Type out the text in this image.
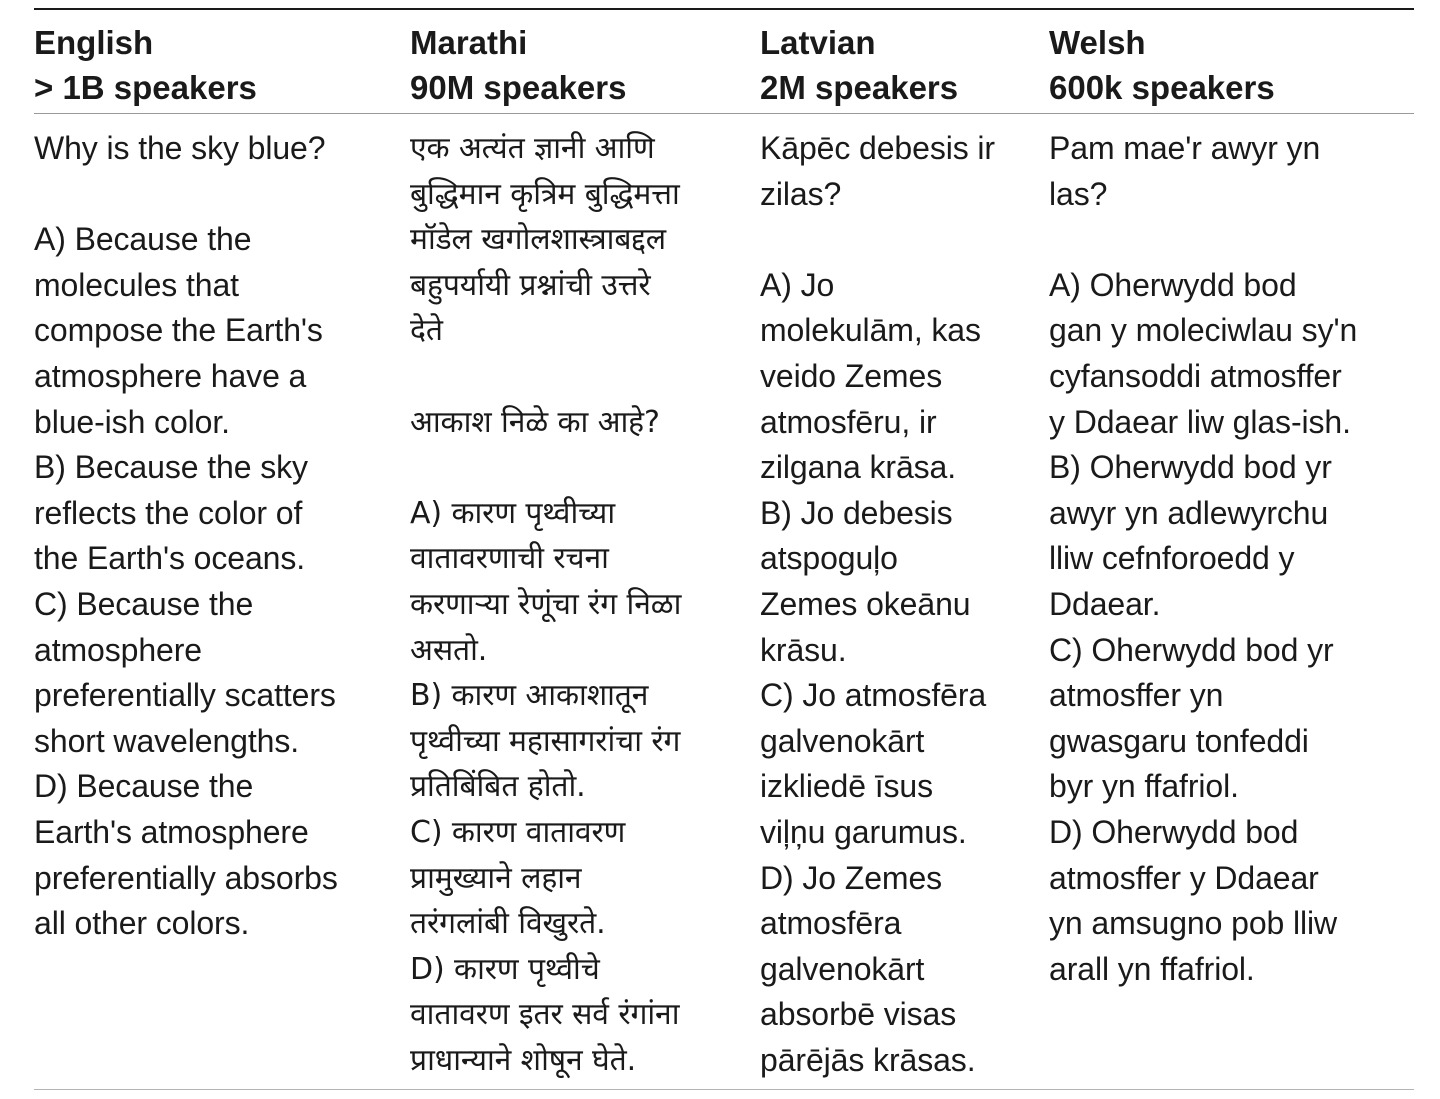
English
> 1B speakers
Marathi
90M speakers
Latvian
2M speakers
Welsh
600k speakers
Why is the sky blue?
A) Because the
molecules that
compose the Earth's
atmosphere have a
blue-ish color.
B) Because the sky
reflects the color of
the Earth's oceans.
C) Because the
atmosphere
preferentially scatters
short wavelengths.
D) Because the
Earth's atmosphere
preferentially absorbs
all other colors.
एक अत्यंत ज्ञानी आणि
बुद्धिमान कृत्रिम बुद्धिमत्ता
मॉडेल खगोलशास्त्राबद्दल
बहुपर्यायी प्रश्नांची उत्तरे
देते
आकाश निळे का आहे?
A) कारण पृथ्वीच्या
वातावरणाची रचना
करणाऱ्या रेणूंचा रंग निळा
असतो.
B) कारण आकाशातून
पृथ्वीच्या महासागरांचा रंग
प्रतिबिंबित होतो.
C) कारण वातावरण
प्रामुख्याने लहान
तरंगलांबी विखुरते.
D) कारण पृथ्वीचे
वातावरण इतर सर्व रंगांना
प्राधान्याने शोषून घेते.
Kāpēc debesis ir
zilas?
A) Jo
molekulām, kas
veido Zemes
atmosfēru, ir
zilgana krāsa.
B) Jo debesis
atspoguļo
Zemes okeānu
krāsu.
C) Jo atmosfēra
galvenokārt
izkliedē īsus
viļņu garumus.
D) Jo Zemes
atmosfēra
galvenokārt
absorbē visas
pārējās krāsas.
Pam mae'r awyr yn
las?
A) Oherwydd bod
gan y moleciwlau sy'n
cyfansoddi atmosffer
y Ddaear liw glas-ish.
B) Oherwydd bod yr
awyr yn adlewyrchu
lliw cefnforoedd y
Ddaear.
C) Oherwydd bod yr
atmosffer yn
gwasgaru tonfeddi
byr yn ffafriol.
D) Oherwydd bod
atmosffer y Ddaear
yn amsugno pob lliw
arall yn ffafriol.
